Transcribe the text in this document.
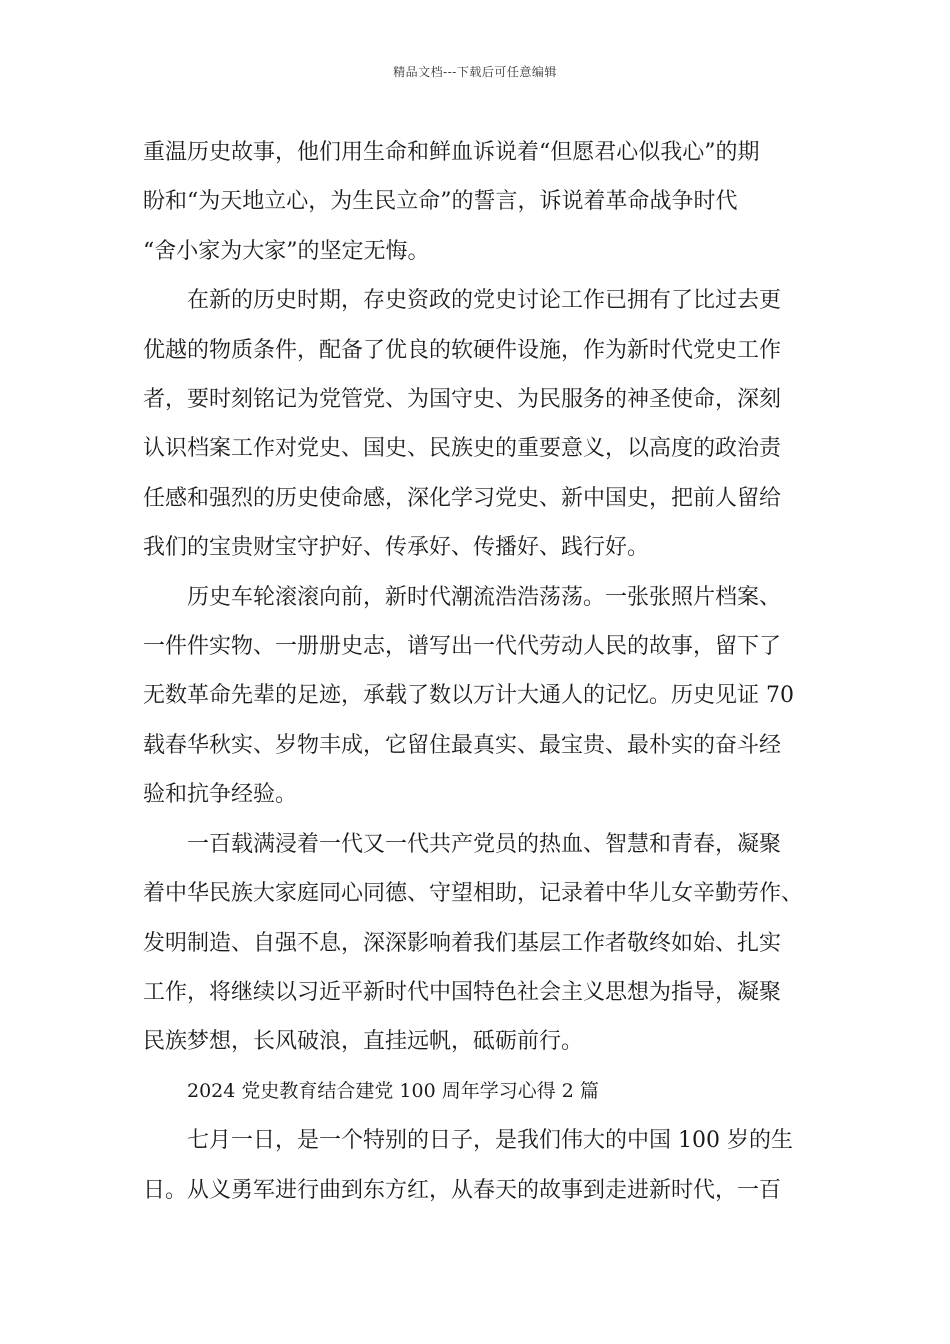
精品文档---下载后可任意编辑
重温历史故事，他们用生命和鲜血诉说着“但愿君心似我心”的期
盼和“为天地立心，为生民立命”的誓言，诉说着革命战争时代
“舍小家为大家”的坚定无悔。
在新的历史时期，存史资政的党史讨论工作已拥有了比过去更
优越的物质条件，配备了优良的软硬件设施，作为新时代党史工作
者，要时刻铭记为党管党、为国守史、为民服务的神圣使命，深刻
认识档案工作对党史、国史、民族史的重要意义，以高度的政治责
任感和强烈的历史使命感，深化学习党史、新中国史，把前人留给
我们的宝贵财宝守护好、传承好、传播好、践行好。
历史车轮滚滚向前，新时代潮流浩浩荡荡。一张张照片档案、
一件件实物、一册册史志，谱写出一代代劳动人民的故事，留下了
无数革命先辈的足迹，承载了数以万计大通人的记忆。历史见证 70
载春华秋实、岁物丰成，它留住最真实、最宝贵、最朴实的奋斗经
验和抗争经验。
一百载满浸着一代又一代共产党员的热血、智慧和青春，凝聚
着中华民族大家庭同心同德、守望相助，记录着中华儿女辛勤劳作、
发明制造、自强不息，深深影响着我们基层工作者敬终如始、扎实
工作，将继续以习近平新时代中国特色社会主义思想为指导，凝聚
民族梦想，长风破浪，直挂远帆，砥砺前行。
2024 党史教育结合建党 100 周年学习心得 2 篇
七月一日，是一个特别的日子，是我们伟大的中国 100 岁的生
日。从义勇军进行曲到东方红，从春天的故事到走进新时代，一百
